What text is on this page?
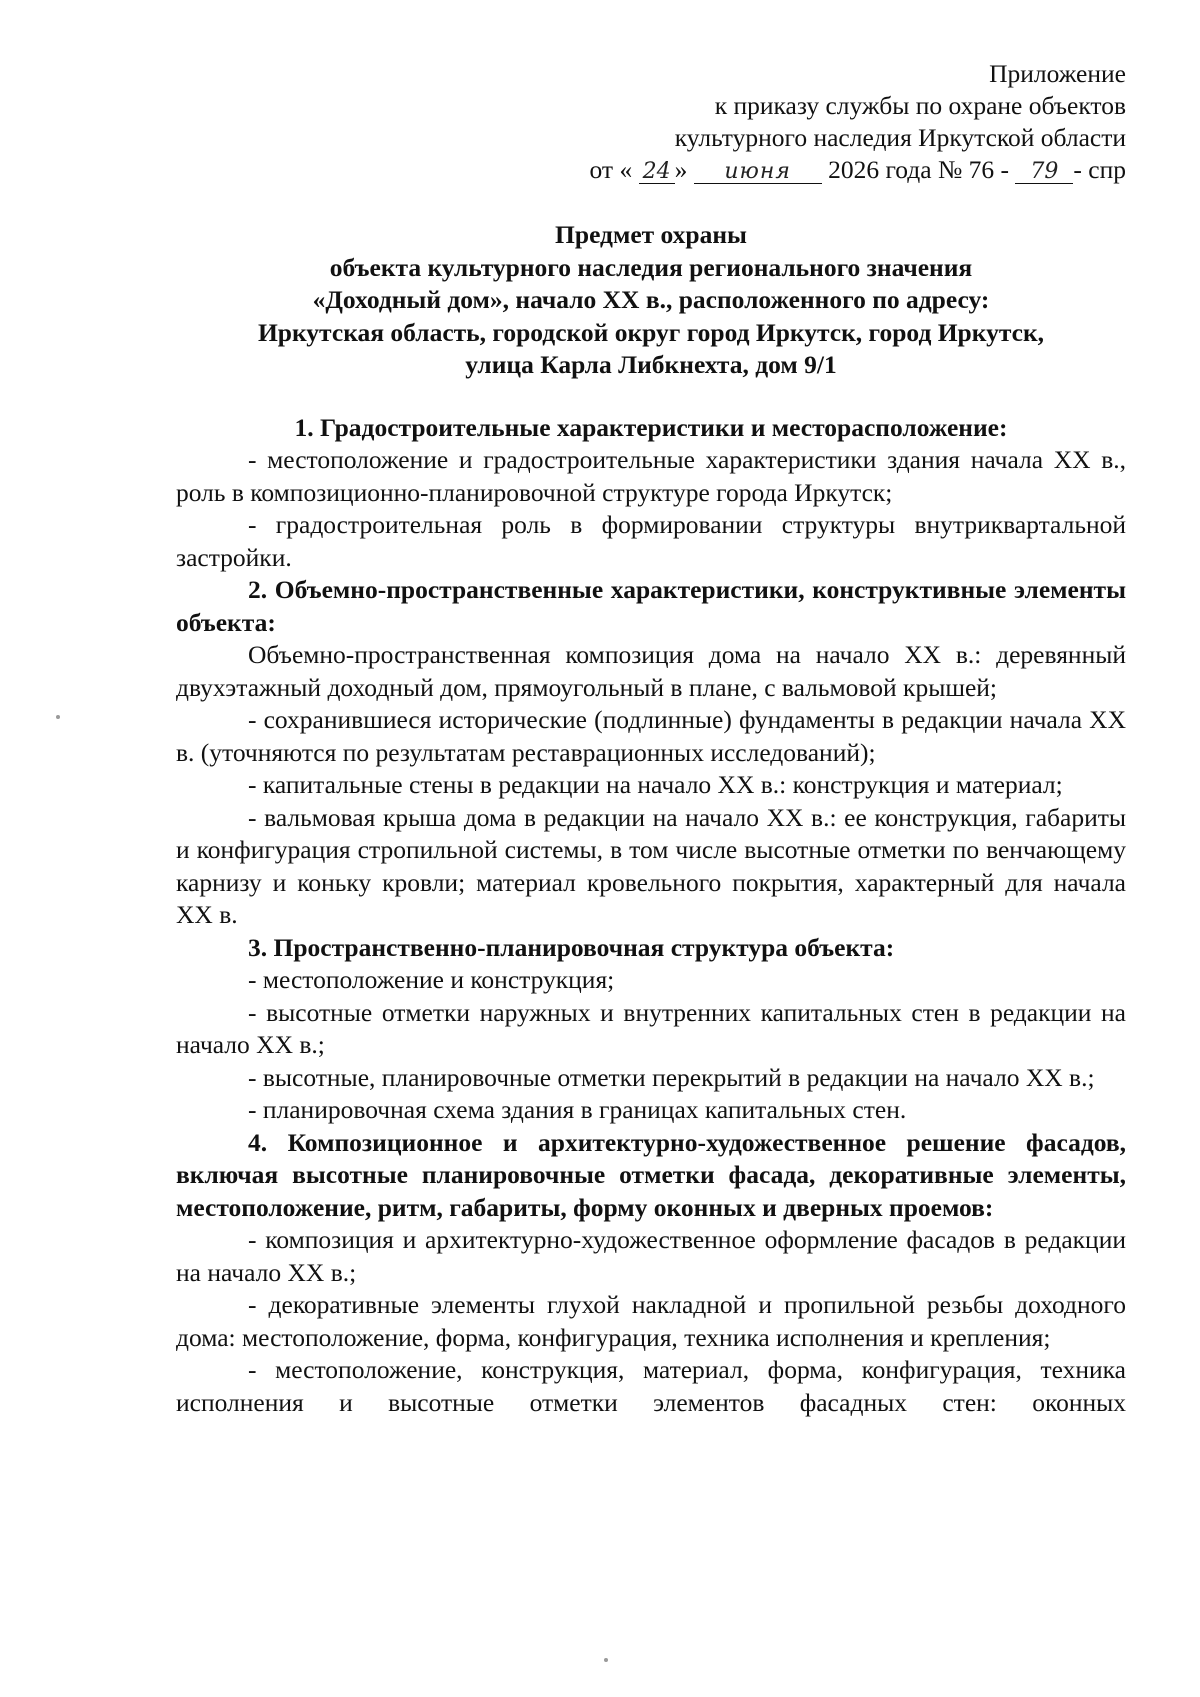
Приложение
к приказу службы по охране объектов
культурного наследия Иркутской области
от « 24 » июня 2026 года № 76 - 79 - спр
Предмет охраны
объекта культурного наследия регионального значения
«Доходный дом», начало XX в., расположенного по адресу:
Иркутская область, городской округ город Иркутск, город Иркутск,
улица Карла Либкнехта, дом 9/1
1. Градостроительные характеристики и месторасположение:
- местоположение и градостроительные характеристики здания начала XX в., роль в композиционно-планировочной структуре города Иркутск;
- градостроительная роль в формировании структуры внутриквартальной застройки.
2. Объемно-пространственные характеристики, конструктивные элементы объекта:
Объемно-пространственная композиция дома на начало XX в.: деревянный двухэтажный доходный дом, прямоугольный в плане, с вальмовой крышей;
- сохранившиеся исторические (подлинные) фундаменты в редакции начала XX в. (уточняются по результатам реставрационных исследований);
- капитальные стены в редакции на начало XX в.: конструкция и материал;
- вальмовая крыша дома в редакции на начало XX в.: ее конструкция, габариты и конфигурация стропильной системы, в том числе высотные отметки по венчающему карнизу и коньку кровли; материал кровельного покрытия, характерный для начала XX в.
3. Пространственно-планировочная структура объекта:
- местоположение и конструкция;
- высотные отметки наружных и внутренних капитальных стен в редакции на начало XX в.;
- высотные, планировочные отметки перекрытий в редакции на начало XX в.;
- планировочная схема здания в границах капитальных стен.
4. Композиционное и архитектурно-художественное решение фасадов, включая высотные планировочные отметки фасада, декоративные элементы, местоположение, ритм, габариты, форму оконных и дверных проемов:
- композиция и архитектурно-художественное оформление фасадов в редакции на начало XX в.;
- декоративные элементы глухой накладной и пропильной резьбы доходного дома: местоположение, форма, конфигурация, техника исполнения и крепления;
- местоположение, конструкция, материал, форма, конфигурация, техника исполнения и высотные отметки элементов фасадных стен: оконных
